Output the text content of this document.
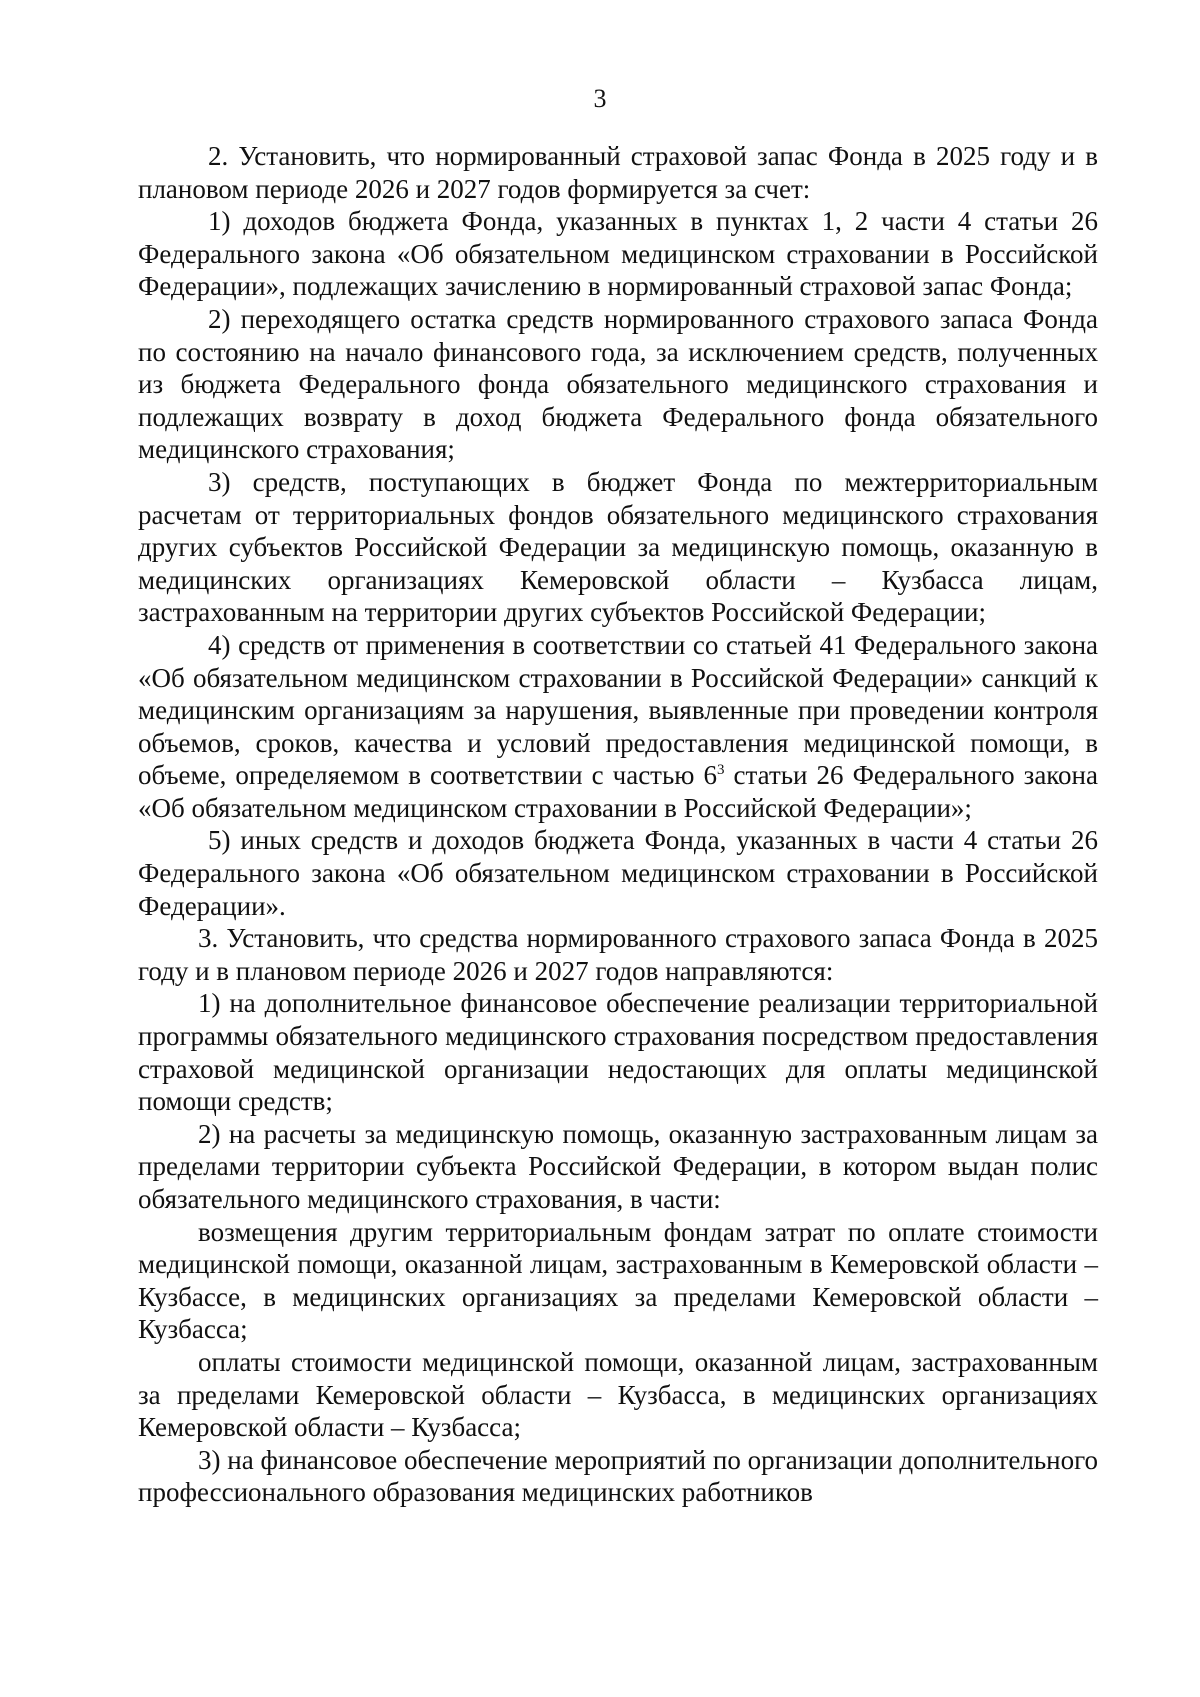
3

2. Установить, что нормированный страховой запас Фонда в 2025 году и в плановом периоде 2026 и 2027 годов формируется за счет:

1) доходов бюджета Фонда, указанных в пунктах 1, 2 части 4 статьи 26 Федерального закона «Об обязательном медицинском страховании в Российской Федерации», подлежащих зачислению в нормированный страховой запас Фонда;

2) переходящего остатка средств нормированного страхового запаса Фонда по состоянию на начало финансового года, за исключением средств, полученных из бюджета Федерального фонда обязательного медицинского страхования и подлежащих возврату в доход бюджета Федерального фонда обязательного медицинского страхования;

3) средств, поступающих в бюджет Фонда по межтерриториальным расчетам от территориальных фондов обязательного медицинского страхования других субъектов Российской Федерации за медицинскую помощь, оказанную в медицинских организациях Кемеровской области – Кузбасса лицам, застрахованным на территории других субъектов Российской Федерации;

4) средств от применения в соответствии со статьей 41 Федерального закона «Об обязательном медицинском страховании в Российской Федерации» санкций к медицинским организациям за нарушения, выявленные при проведении контроля объемов, сроков, качества и условий предоставления медицинской помощи, в объеме, определяемом в соответствии с частью $6^3$ статьи 26 Федерального закона «Об обязательном медицинском страховании в Российской Федерации»;

5) иных средств и доходов бюджета Фонда, указанных в части 4 статьи 26 Федерального закона «Об обязательном медицинском страховании в Российской Федерации».

3. Установить, что средства нормированного страхового запаса Фонда в 2025 году и в плановом периоде 2026 и 2027 годов направляются:

1) на дополнительное финансовое обеспечение реализации территориальной программы обязательного медицинского страхования посредством предоставления страховой медицинской организации недостающих для оплаты медицинской помощи средств;

2) на расчеты за медицинскую помощь, оказанную застрахованным лицам за пределами территории субъекта Российской Федерации, в котором выдан полис обязательного медицинского страхования, в части:

возмещения другим территориальным фондам затрат по оплате стоимости медицинской помощи, оказанной лицам, застрахованным в Кемеровской области – Кузбассе, в медицинских организациях за пределами Кемеровской области – Кузбасса;

оплаты стоимости медицинской помощи, оказанной лицам, застрахованным за пределами Кемеровской области – Кузбасса, в медицинских организациях Кемеровской области – Кузбасса;

3) на финансовое обеспечение мероприятий по организации дополнительного профессионального образования медицинских работников
